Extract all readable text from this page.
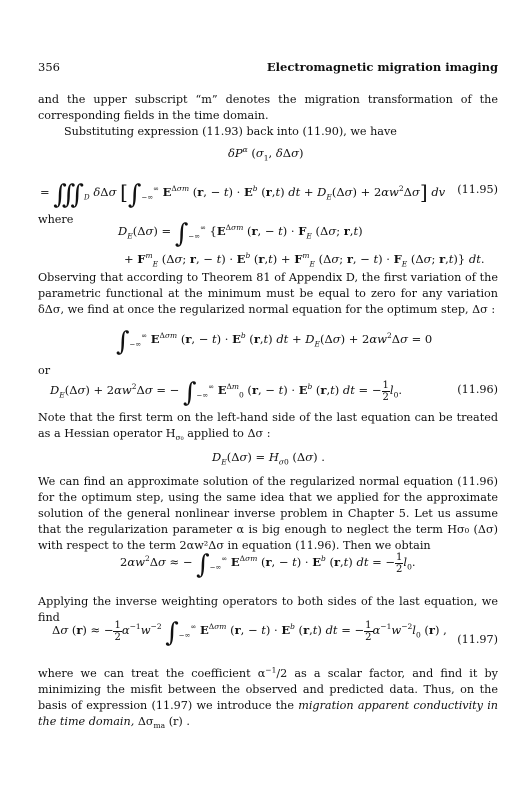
356	Electromagnetic migration imaging
and the upper subscript “m” denotes the migration transformation of the corresponding fields in the time domain.
Substituting expression (11.93) back into (11.90), we have
$\delta P^\alpha$ ($\sigma_1$, δΔσ)
= $∭_D$ δΔσ [$\int_{-\infty}^\infty$ $E^{\Delta\sigma m}$ (r, − $t) \cdot E^b$ (r,t) dt + $D_E(\Delta\sigma) + 2\alpha w^2\Delta\sigma$] dv (11.95)
where
$D_E(\Delta\sigma) = \int_{-\infty}^\infty$ {$E^{\Delta\sigma m}$ (r, − $t) \cdot F_E$ (Δσ; r,t)
+ $F^m_E$ (Δσ; r, − $t) \cdot E^b$ $(r,t) + F^m_E$ (Δσ; r, − $t) \cdot F_E$ (Δσ; r,t)} dt.
Observing that according to Theorem 81 of Appendix D, the first variation of the parametric functional at the minimum must be equal to zero for any variation δΔσ, we find at once the regularized normal equation for the optimum step, Δσ :
$\int_{-\infty}^\infty$ $E^{\Delta\sigma m}$ (r, − $t) \cdot E^b$ (r,t) dt + $D_E(\Delta\sigma) + 2\alpha w^2\Delta\sigma = 0$
or
$D_E(\Delta\sigma) + 2\alpha w^2\Delta\sigma$ = − $\int_{-\infty}^\infty$ $E^{\Delta m}_0$ (r, − $t) \cdot E^b$ (r,t) dt = − $\frac{1}{2} l_0$.	(11.96)
Note that the first term on the left-hand side of the last equation can be treated as a Hessian operator $H_{\sigma_0}$ applied to Δσ :
$D_E(\Delta\sigma) = H_{\sigma 0}$ (Δσ) .
We can find an approximate solution of the regularized normal equation (11.96) for the optimum step, using the same idea that we applied for the approximate solution of the general nonlinear inverse problem in Chapter 5. Let us assume that the regularization parameter α is big enough to neglect the term Hσ₀ (Δσ) with respect to the term 2αw²Δσ in equation (11.96). Then we obtain
$2\alpha w^2\Delta\sigma$ ≈ − $\int_{-\infty}^\infty$ $E^{\Delta\sigma m}$ (r, − $t) \cdot E^b$ (r,t) dt = − $\frac{1}{2} l_0$.
Applying the inverse weighting operators to both sides of the last equation, we find
Δσ (r) ≈ − $\frac{1}{2} \alpha^{-1}w^{-2}$ $\int_{-\infty}^\infty$ $E^{\Delta\sigma m}$ (r, − $t) \cdot E^b$ (r,t) dt = − $\frac{1}{2} \alpha^{-1}w^{-2}l_0$ (r) ,
(11.97)
where we can treat the coefficient $\alpha^{-1}/2$ as a scalar factor, and find it by minimizing the misfit between the observed and predicted data. Thus, on the basis of expression (11.97) we introduce the migration apparent conductivity in the time domain, $\Delta\sigma_{ma}$ (r) .
